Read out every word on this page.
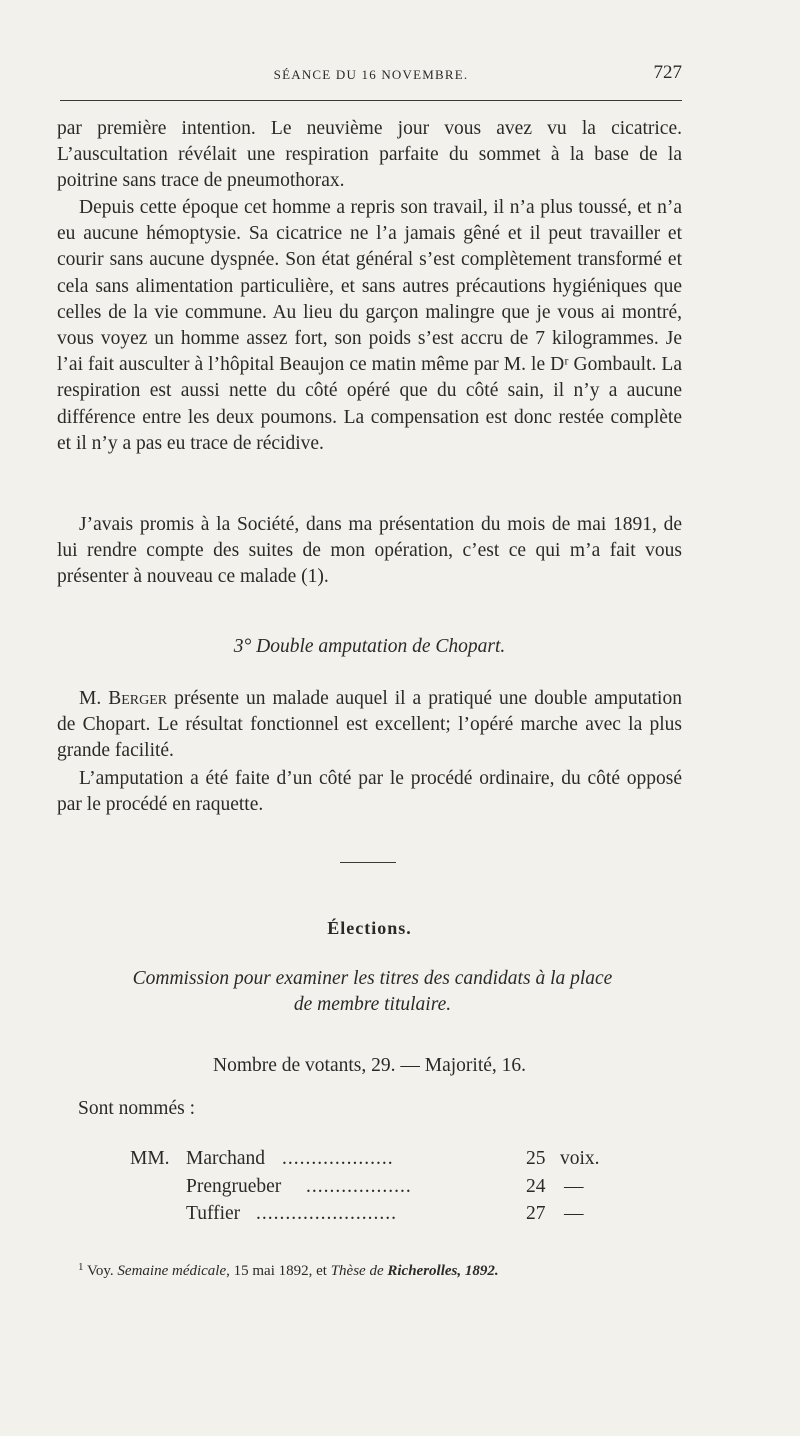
SÉANCE DU 16 NOVEMBRE.	727

par première intention. Le neuvième jour vous avez vu la cicatrice. L’auscultation révélait une respiration parfaite du sommet à la base de la poitrine sans trace de pneumothorax.

Depuis cette époque cet homme a repris son travail, il n’a plus toussé, et n’a eu aucune hémoptysie. Sa cicatrice ne l’a jamais gêné et il peut travailler et courir sans aucune dyspnée. Son état général s’est complètement transformé et cela sans alimentation particulière, et sans autres précautions hygiéniques que celles de la vie commune. Au lieu du garçon malingre que je vous ai montré, vous voyez un homme assez fort, son poids s’est accru de 7 kilogrammes. Je l’ai fait ausculter à l’hôpital Beaujon ce matin même par M. le Dʳ Gombault. La respiration est aussi nette du côté opéré que du côté sain, il n’y a aucune différence entre les deux poumons. La compensation est donc restée complète et il n’y a pas eu trace de récidive.

J’avais promis à la Société, dans ma présentation du mois de mai 1891, de lui rendre compte des suites de mon opération, c’est ce qui m’a fait vous présenter à nouveau ce malade (1).

3° Double amputation de Chopart.

M. Berger présente un malade auquel il a pratiqué une double amputation de Chopart. Le résultat fonctionnel est excellent; l’opéré marche avec la plus grande facilité.

L’amputation a été faite d’un côté par le procédé ordinaire, du côté opposé par le procédé en raquette.

Élections.
Commission pour examiner les titres des candidats à la place
de membre titulaire.
Nombre de votants, 29. — Majorité, 16.
Sont nommés :
MM. Marchand ...................	25 voix.
Prengrueber ..................	24 —
Tuffier ........................	27 —
$^1$ Voy. Semaine médicale, 15 mai 1892, et Thèse de Richerolles, 1892.
